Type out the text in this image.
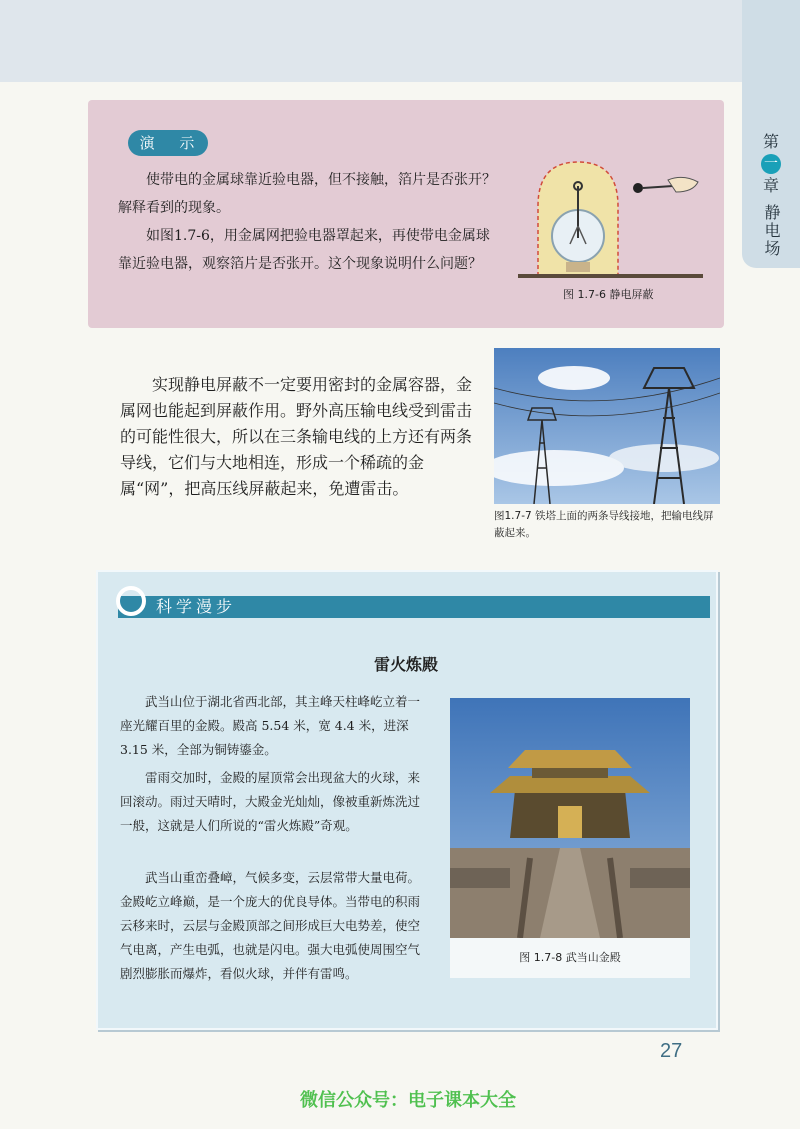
第
一
章
静电场
演 示

使带电的金属球靠近验电器，但不接触，箔片是否张开？解释看到的现象。

如图1.7-6，用金属网把验电器罩起来，再使带电金属球靠近验电器，观察箔片是否张开。这个现象说明什么问题？

图 1.7-6 静电屏蔽

实现静电屏蔽不一定要用密封的金属容器，金属网也能起到屏蔽作用。野外高压输电线受到雷击的可能性很大，所以在三条输电线的上方还有两条导线，它们与大地相连，形成一个稀疏的金属“网”，把高压线屏蔽起来，免遭雷击。

图1.7-7 铁塔上面的两条导线接地，把输电线屏蔽起来。
科学漫步
雷火炼殿

武当山位于湖北省西北部，其主峰天柱峰屹立着一座光耀百里的金殿。殿高 5.54 米，宽 4.4 米，进深 3.15 米，全部为铜铸鎏金。

雷雨交加时，金殿的屋顶常会出现盆大的火球，来回滚动。雨过天晴时，大殿金光灿灿，像被重新炼洗过一般，这就是人们所说的“雷火炼殿”奇观。

武当山重峦叠嶂，气候多变，云层常带大量电荷。金殿屹立峰巅，是一个庞大的优良导体。当带电的积雨云移来时，云层与金殿顶部之间形成巨大电势差，使空气电离，产生电弧，也就是闪电。强大电弧使周围空气剧烈膨胀而爆炸，看似火球，并伴有雷鸣。

图 1.7-8 武当山金殿
27
微信公众号：电子课本大全
